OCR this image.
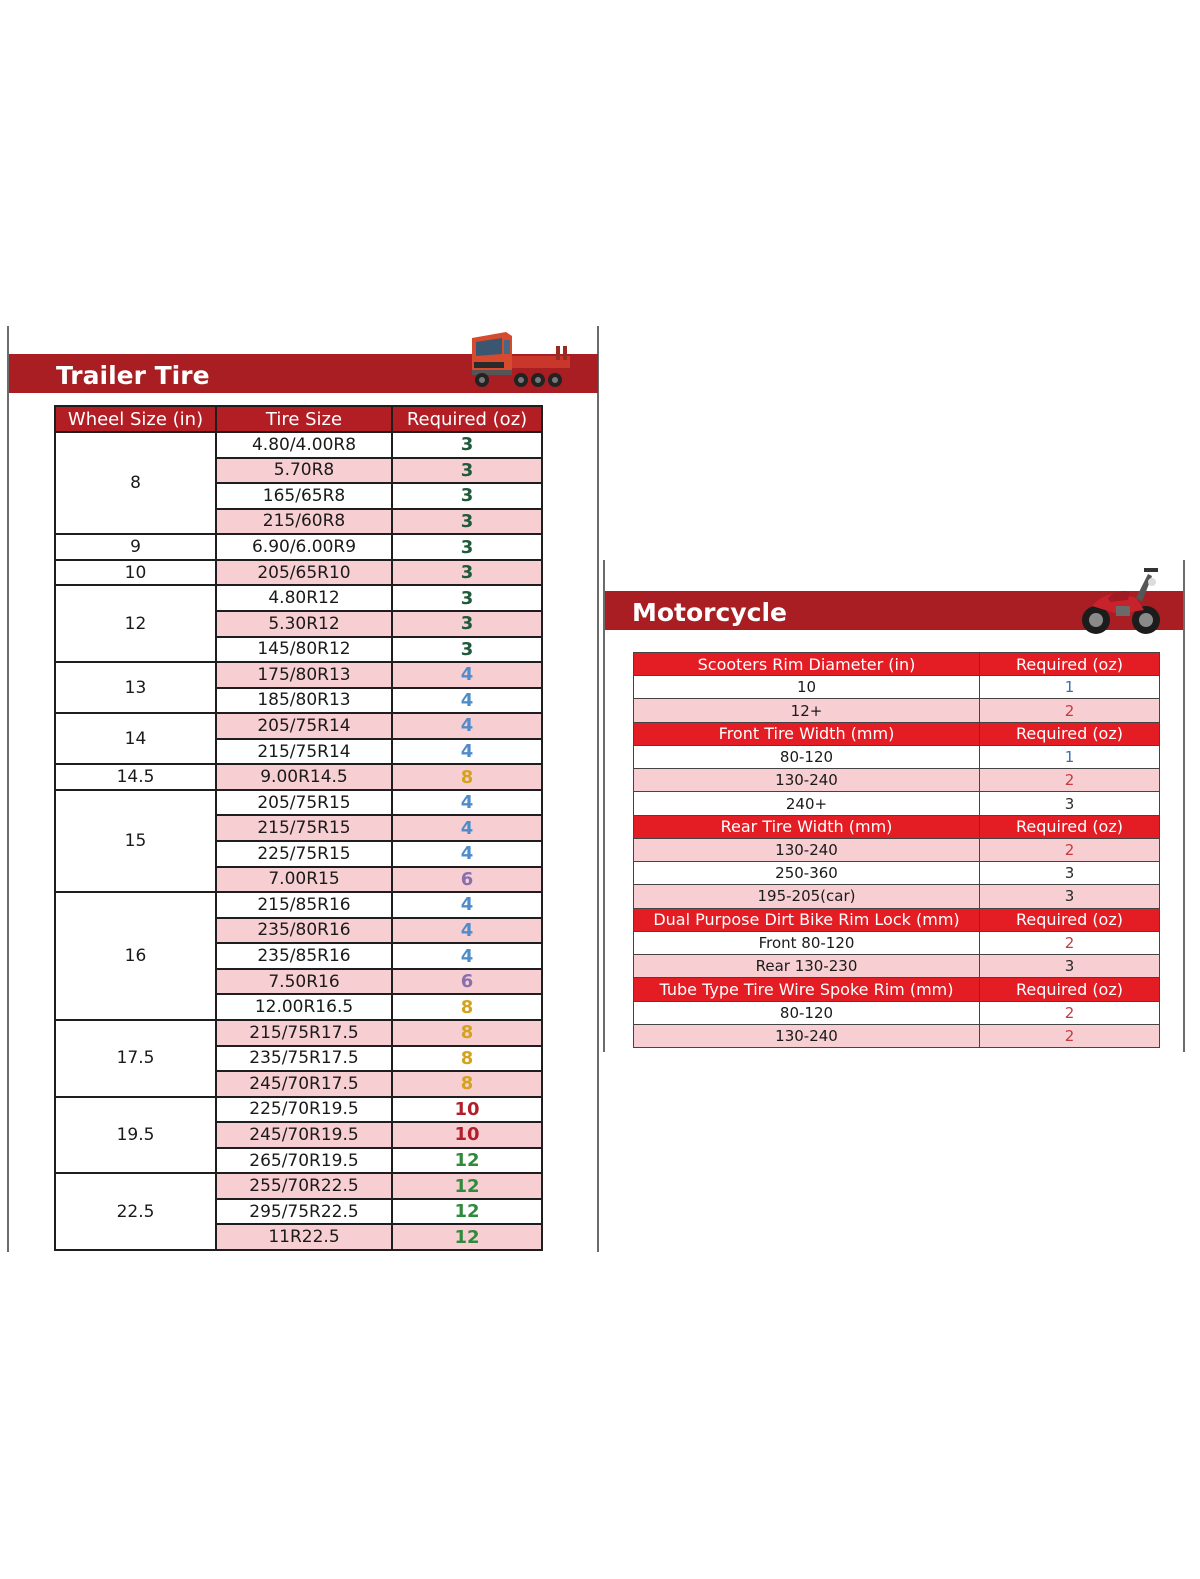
Trailer Tire
Wheel Size (in)	Tire Size	Required (oz)
8	4.80/4.00R8	3
	5.70R8	3
	165/65R8	3
	215/60R8	3
9	6.90/6.00R9	3
10	205/65R10	3
12	4.80R12	3
	5.30R12	3
	145/80R12	3
13	175/80R13	4
	185/80R13	4
14	205/75R14	4
	215/75R14	4
14.5	9.00R14.5	8
15	205/75R15	4
	215/75R15	4
	225/75R15	4
	7.00R15	6
16	215/85R16	4
	235/80R16	4
	235/85R16	4
	7.50R16	6
	12.00R16.5	8
17.5	215/75R17.5	8
	235/75R17.5	8
	245/70R17.5	8
19.5	225/70R19.5	10
	245/70R19.5	10
	265/70R19.5	12
22.5	255/70R22.5	12
	295/75R22.5	12
	11R22.5	12
Motorcycle
Scooters Rim Diameter (in)	Required (oz)
10	1
12+	2
Front Tire Width (mm)	Required (oz)
80-120	1
130-240	2
240+	3
Rear Tire Width (mm)	Required (oz)
130-240	2
250-360	3
195-205(car)	3
Dual Purpose Dirt Bike Rim Lock (mm)	Required (oz)
Front 80-120	2
Rear 130-230	3
Tube Type Tire Wire Spoke Rim (mm)	Required (oz)
80-120	2
130-240	2
